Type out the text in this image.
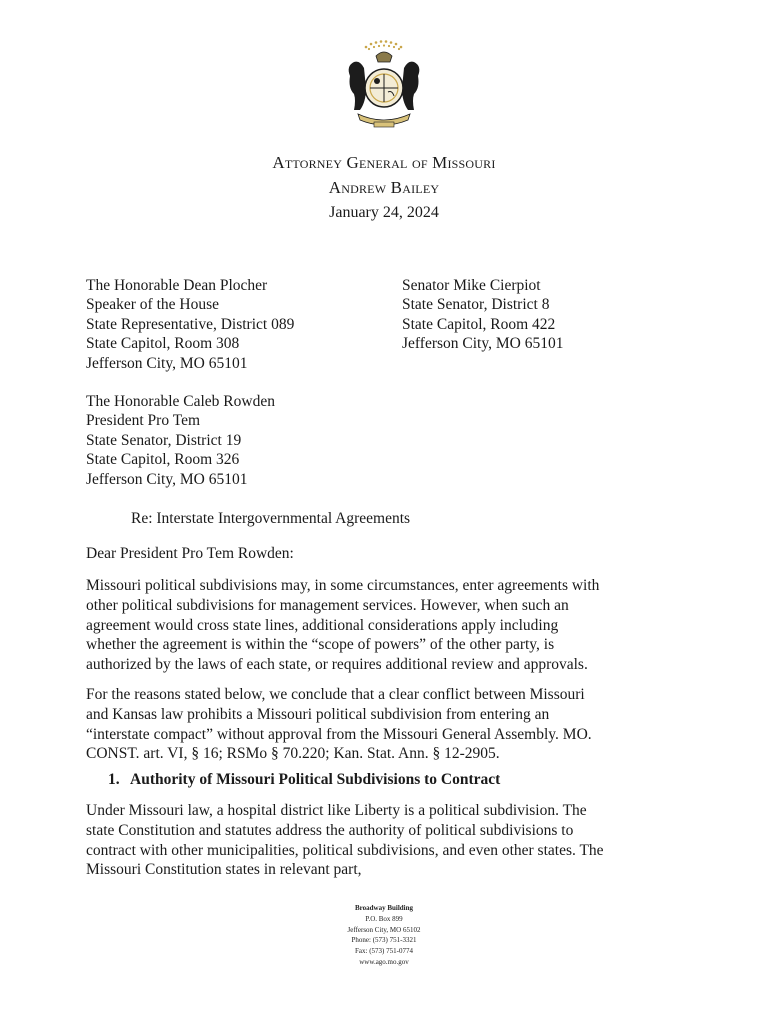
Attorney General of Missouri
Andrew Bailey
January 24, 2024
The Honorable Dean Plocher
Speaker of the House
State Representative, District 089
State Capitol, Room 308
Jefferson City, MO 65101
Senator Mike Cierpiot
State Senator, District 8
State Capitol, Room 422
Jefferson City, MO 65101
The Honorable Caleb Rowden
President Pro Tem
State Senator, District 19
State Capitol, Room 326
Jefferson City, MO 65101
Re: Interstate Intergovernmental Agreements
Dear President Pro Tem Rowden:
Missouri political subdivisions may, in some circumstances, enter agreements with
other political subdivisions for management services. However, when such an
agreement would cross state lines, additional considerations apply including
whether the agreement is within the “scope of powers” of the other party, is
authorized by the laws of each state, or requires additional review and approvals.
For the reasons stated below, we conclude that a clear conflict between Missouri
and Kansas law prohibits a Missouri political subdivision from entering an
“interstate compact” without approval from the Missouri General Assembly. MO.
CONST. art. VI, § 16; RSMo § 70.220; Kan. Stat. Ann. § 12-2905.
1. Authority of Missouri Political Subdivisions to Contract
Under Missouri law, a hospital district like Liberty is a political subdivision. The
state Constitution and statutes address the authority of political subdivisions to
contract with other municipalities, political subdivisions, and even other states. The
Missouri Constitution states in relevant part,
Broadway Building
P.O. Box 899
Jefferson City, MO 65102
Phone: (573) 751-3321
Fax: (573) 751-0774
www.ago.mo.gov
